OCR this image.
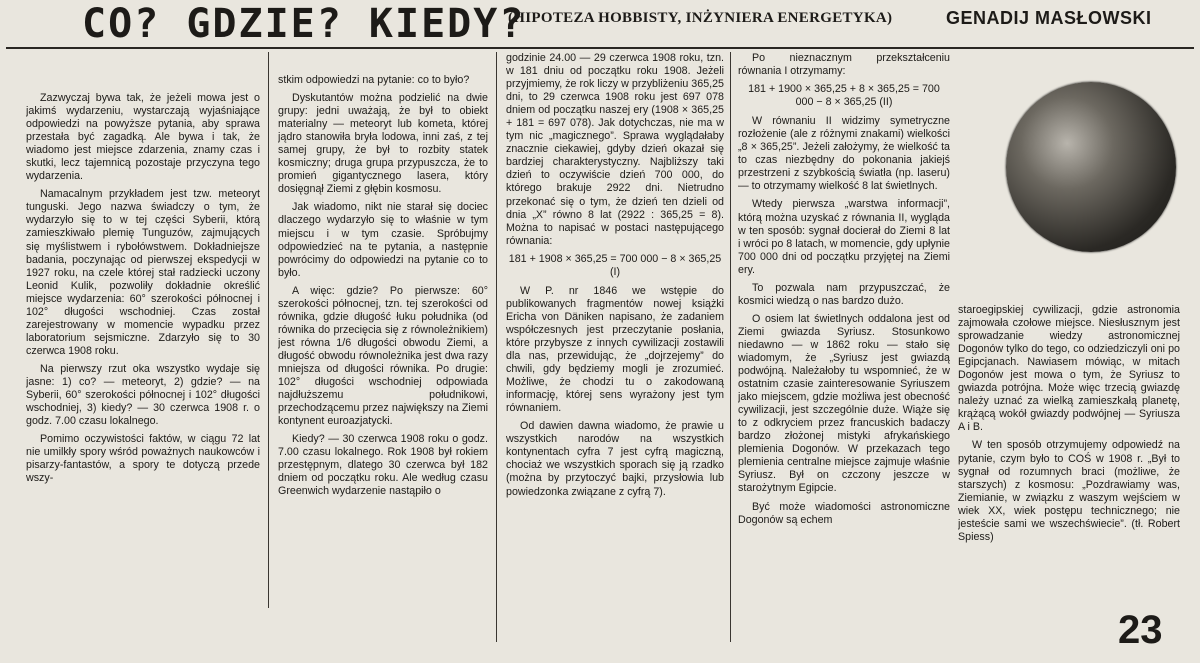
CO? GDZIE? KIEDY?
(HIPOTEZA HOBBISTY, INŻYNIERA ENERGETYKA)	GENADIJ MASŁOWSKI

Zazwyczaj bywa tak, że jeżeli mowa jest o jakimś wydarzeniu, wystarczają wyjaśniające odpowiedzi na powyższe pytania, aby sprawa przestała być zagadką. Ale bywa i tak, że wiadomo jest miejsce zdarzenia, znamy czas i skutki, lecz tajemnicą pozostaje przyczyna tego wydarzenia.

Namacalnym przykładem jest tzw. meteoryt tunguski. Jego nazwa świadczy o tym, że wydarzyło się to w tej części Syberii, którą zamieszkiwało plemię Tunguzów, zajmujących się myślistwem i rybołówstwem. Dokładniejsze badania, poczynając od pierwszej ekspedycji w 1927 roku, na czele której stał radziecki uczony Leonid Kulik, pozwoliły dokładnie określić miejsce wydarzenia: 60° szerokości północnej i 102° długości wschodniej. Czas został zarejestrowany w momencie wypadku przez laboratorium sejsmiczne. Zdarzyło się to 30 czerwca 1908 roku.

Na pierwszy rzut oka wszystko wydaje się jasne: 1) co? — meteoryt, 2) gdzie? — na Syberii, 60° szerokości północnej i 102° długości wschodniej, 3) kiedy? — 30 czerwca 1908 r. o godz. 7.00 czasu lokalnego.

Pomimo oczywistości faktów, w ciągu 72 lat nie umilkły spory wśród poważnych naukowców i pisarzy-fantastów, a spory te dotyczą przede wszy-

stkim odpowiedzi na pytanie: co to było?

Dyskutantów można podzielić na dwie grupy: jedni uważają, że był to obiekt materialny — meteoryt lub kometa, której jądro stanowiła bryła lodowa, inni zaś, z tej samej grupy, że był to rozbity statek kosmiczny; druga grupa przypuszcza, że to promień gigantycznego lasera, który dosięgnął Ziemi z głębin kosmosu.

Jak wiadomo, nikt nie starał się dociec dlaczego wydarzyło się to właśnie w tym miejscu i w tym czasie. Spróbujmy odpowiedzieć na te pytania, a następnie powrócimy do odpowiedzi na pytanie co to było.

A więc: gdzie? Po pierwsze: 60° szerokości północnej, tzn. tej szerokości od równika, gdzie długość łuku południka (od równika do przecięcia się z równoleżnikiem) jest równa 1/6 długości obwodu Ziemi, a długość obwodu równoleżnika jest dwa razy mniejsza od długości równika. Po drugie: 102° długości wschodniej odpowiada najdłuższemu południkowi, przechodzącemu przez największy na Ziemi kontynent euroazjatycki.

Kiedy? — 30 czerwca 1908 roku o godz. 7.00 czasu lokalnego. Rok 1908 był rokiem przestępnym, dlatego 30 czerwca był 182 dniem od początku roku. Ale według czasu Greenwich wydarzenie nastąpiło o

godzinie 24.00 — 29 czerwca 1908 roku, tzn. w 181 dniu od początku roku 1908. Jeżeli przyjmiemy, że rok liczy w przybliżeniu 365,25 dni, to 29 czerwca 1908 roku jest 697 078 dniem od początku naszej ery (1908 × 365,25 + 181 = 697 078). Jak dotychczas, nie ma w tym nic „magicznego”. Sprawa wyglądałaby znacznie ciekawiej, gdyby dzień okazał się bardziej charakterystyczny. Najbliższy taki dzień to oczywiście dzień 700 000, do którego brakuje 2922 dni. Nietrudno przekonać się o tym, że dzień ten dzieli od dnia „X” równo 8 lat (2922 : 365,25 = 8). Można to napisać w postaci następującego równania:

181 + 1908 × 365,25 = 700 000 − 8 × 365,25 (I)

W P. nr 1846 we wstępie do publikowanych fragmentów nowej książki Ericha von Däniken napisano, że zadaniem współczesnych jest przeczytanie posłania, które przybysze z innych cywilizacji zostawili dla nas, przewidując, że „dojrzejemy” do chwili, gdy będziemy mogli je zrozumieć. Możliwe, że chodzi tu o zakodowaną informację, której sens wyrażony jest tym równaniem.

Od dawien dawna wiadomo, że prawie u wszystkich narodów na wszystkich kontynentach cyfra 7 jest cyfrą magiczną, chociaż we wszystkich sporach się ją rzadko (można by przytoczyć bajki, przysłowia lub powiedzonka związane z cyfrą 7).

Po nieznacznym przekształceniu równania I otrzymamy:

181 + 1900 × 365,25 + 8 × 365,25 = 700 000 − 8 × 365,25 (II)

W równaniu II widzimy symetryczne rozłożenie (ale z różnymi znakami) wielkości „8 × 365,25”. Jeżeli założymy, że wielkość ta to czas niezbędny do pokonania jakiejś przestrzeni z szybkością światła (np. laseru) — to otrzymamy wielkość 8 lat świetlnych.

Wtedy pierwsza „warstwa informacji”, którą można uzyskać z równania II, wygląda w ten sposób: sygnał docierał do Ziemi 8 lat i wróci po 8 latach, w momencie, gdy upłynie 700 000 dni od początku przyjętej na Ziemi ery.

To pozwala nam przypuszczać, że kosmici wiedzą o nas bardzo dużo.

O osiem lat świetlnych oddalona jest od Ziemi gwiazda Syriusz. Stosunkowo niedawno — w 1862 roku — stało się wiadomym, że „Syriusz jest gwiazdą podwójną. Należałoby tu wspomnieć, że w ostatnim czasie zainteresowanie Syriuszem jako miejscem, gdzie możliwa jest obecność cywilizacji, jest szczególnie duże. Wiąże się to z odkryciem przez francuskich badaczy bardzo złożonej mistyki afrykańskiego plemienia Dogonów. W przekazach tego plemienia centralne miejsce zajmuje właśnie Syriusz. Był on czczony jeszcze w starożytnym Egipcie.

Być może wiadomości astronomiczne Dogonów są echem

staroegipskiej cywilizacji, gdzie astronomia zajmowała czołowe miejsce. Niesłusznym jest sprowadzanie wiedzy astronomicznej Dogonów tylko do tego, co odziedziczyli oni po Egipcjanach. Nawiasem mówiąc, w mitach Dogonów jest mowa o tym, że Syriusz to gwiazda potrójna. Może więc trzecią gwiazdę należy uznać za wielką zamieszkałą planetę, krążącą wokół gwiazdy podwójnej — Syriusza A i B.

W ten sposób otrzymujemy odpowiedź na pytanie, czym było to COŚ w 1908 r. „Był to sygnał od rozumnych braci (możliwe, że starszych) z kosmosu: „Pozdrawiamy was, Ziemianie, w związku z waszym wejściem w wiek XX, wiek postępu technicznego; nie jesteście sami we wszechświecie”. (tł. Robert Spiess)

23
